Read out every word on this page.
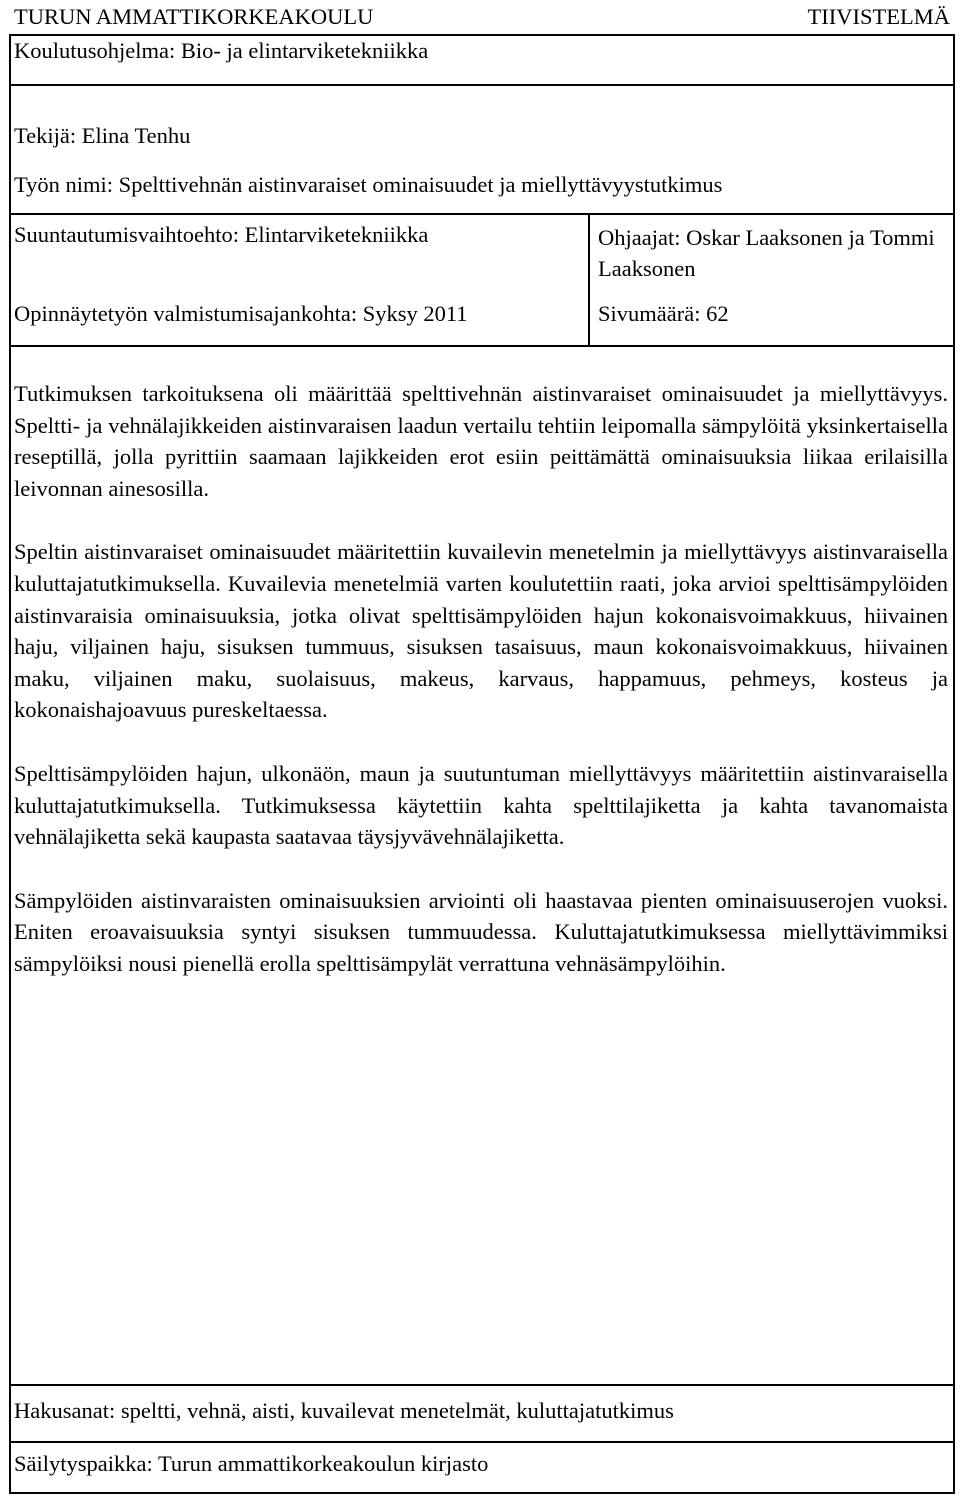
TURUN AMMATTIKORKEAKOULU	TIIVISTELMÄ
Koulutusohjelma: Bio- ja elintarviketekniikka
Tekijä: Elina Tenhu
Työn nimi: Spelttivehnän aistinvaraiset ominaisuudet ja miellyttävyystutkimus
Suuntautumisvaihtoehto: Elintarviketekniikka	Ohjaajat: Oskar Laaksonen ja Tommi Laaksonen
Opinnäytetyön valmistumisajankohta: Syksy 2011	Sivumäärä: 62

Tutkimuksen tarkoituksena oli määrittää spelttivehnän aistinvaraiset ominaisuudet ja miellyttävyys. Speltti- ja vehnälajikkeiden aistinvaraisen laadun vertailu tehtiin leipomalla sämpylöitä yksinkertaisella reseptillä, jolla pyrittiin saamaan lajikkeiden erot esiin peittämättä ominaisuuksia liikaa erilaisilla leivonnan ainesosilla.

Speltin aistinvaraiset ominaisuudet määritettiin kuvailevin menetelmin ja miellyttävyys aistinvaraisella kuluttajatutkimuksella. Kuvailevia menetelmiä varten koulutettiin raati, joka arvioi spelttisämpylöiden aistinvaraisia ominaisuuksia, jotka olivat spelttisämpylöiden hajun kokonaisvoimakkuus, hiivainen haju, viljainen haju, sisuksen tummuus, sisuksen tasaisuus, maun kokonaisvoimakkuus, hiivainen maku, viljainen maku, suolaisuus, makeus, karvaus, happamuus, pehmeys, kosteus ja kokonaishajoavuus pureskeltaessa.

Spelttisämpylöiden hajun, ulkonäön, maun ja suutuntuman miellyttävyys määritettiin aistinvaraisella kuluttajatutkimuksella. Tutkimuksessa käytettiin kahta spelttilajiketta ja kahta tavanomaista vehnälajiketta sekä kaupasta saatavaa täysjyvävehnälajiketta.

Sämpylöiden aistinvaraisten ominaisuuksien arviointi oli haastavaa pienten ominaisuuserojen vuoksi. Eniten eroavaisuuksia syntyi sisuksen tummuudessa. Kuluttajatutkimuksessa miellyttävimmiksi sämpylöiksi nousi pienellä erolla spelttisämpylät verrattuna vehnäsämpylöihin.

Hakusanat: speltti, vehnä, aisti, kuvailevat menetelmät, kuluttajatutkimus
Säilytyspaikka: Turun ammattikorkeakoulun kirjasto
